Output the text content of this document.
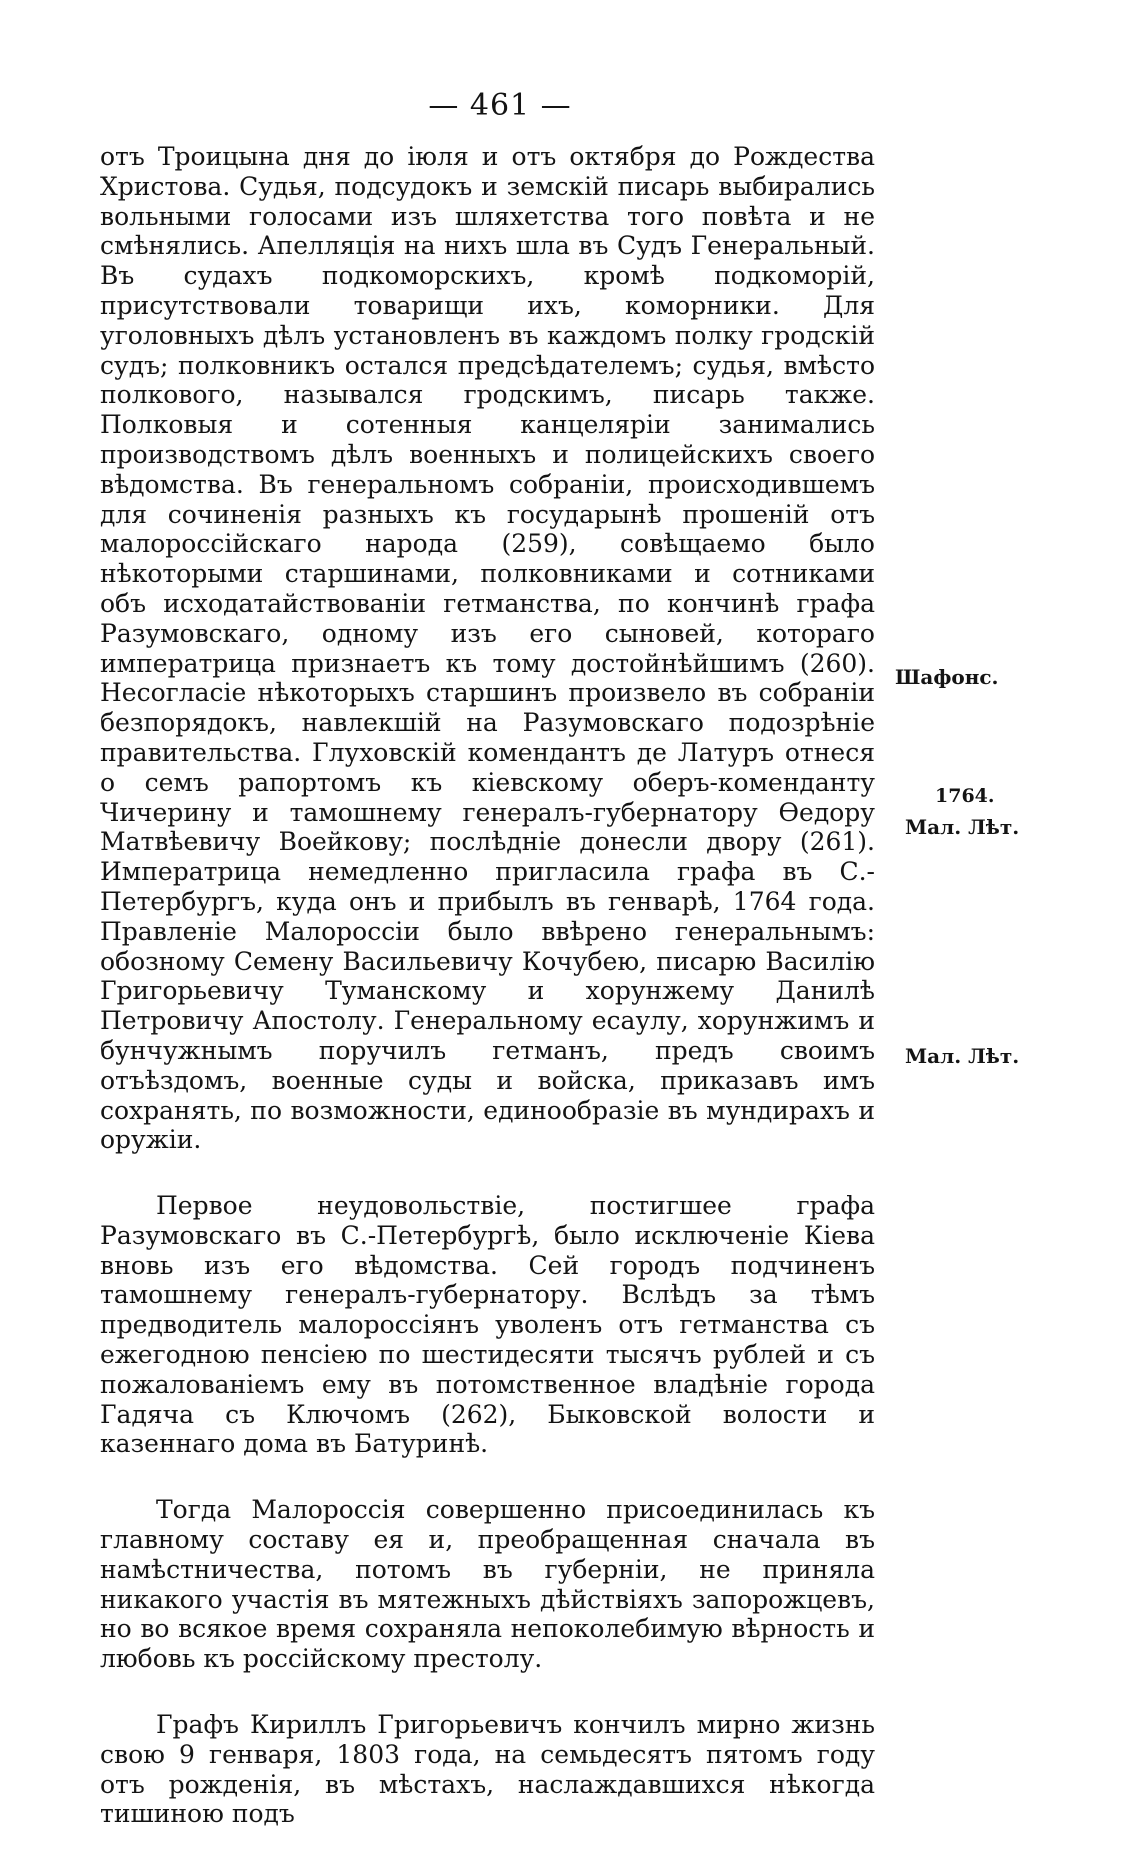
— 461 —

отъ Троицына дня до іюля и отъ октября до Рождества Христова. Судья, подсудокъ и земскій писарь выбирались вольными голосами изъ шляхетства того повѣта и не смѣнялись. Апелляція на нихъ шла въ Судъ Генеральный. Въ судахъ подкоморскихъ, кромѣ подкоморій, присутствовали товарищи ихъ, коморники. Для уголовныхъ дѣлъ установленъ въ каждомъ полку гродскій судъ; полковникъ остался предсѣдателемъ; судья, вмѣсто полкового, назывался гродскимъ, писарь также. Полковыя и сотенныя канцеляріи занимались производствомъ дѣлъ военныхъ и полицейскихъ своего вѣдомства. Въ генеральномъ собраніи, происходившемъ для сочиненія разныхъ къ государынѣ прошеній отъ малороссійскаго народа (259), совѣщаемо было нѣкоторыми старшинами, полковниками и сотниками объ исходатайствованіи гетманства, по кончинѣ графа Разумовскаго, одному изъ его сыновей, котораго императрица признаетъ къ тому достойнѣйшимъ (260). Несогласіе нѣкоторыхъ старшинъ произвело въ собраніи безпорядокъ, навлекшій на Разумовскаго подозрѣніе правительства. Глуховскій комендантъ де Латуръ отнеся о семъ рапортомъ къ кіевскому оберъ-коменданту Чичерину и тамошнему генералъ-губернатору Өедору Матвѣевичу Воейкову; послѣдніе донесли двору (261). Императрица немедленно пригласила графа въ С.-Петербургъ, куда онъ и прибылъ въ генварѣ, 1764 года. Правленіе Малороссіи было ввѣрено генеральнымъ: обозному Семену Васильевичу Кочубею, писарю Василію Григорьевичу Туманскому и хорунжему Данилѣ Петровичу Апостолу. Генеральному есаулу, хорунжимъ и бунчужнымъ поручилъ гетманъ, предъ своимъ отъѣздомъ, военные суды и войска, приказавъ имъ сохранять, по возможности, единообразіе въ мундирахъ и оружіи.

Первое неудовольствіе, постигшее графа Разумовскаго въ С.-Петербургѣ, было исключеніе Кіева вновь изъ его вѣдомства. Сей городъ подчиненъ тамошнему генералъ-губернатору. Вслѣдъ за тѣмъ предводитель малороссіянъ уволенъ отъ гетманства съ ежегодною пенсіею по шестидесяти тысячъ рублей и съ пожалованіемъ ему въ потомственное владѣніе города Гадяча съ Ключомъ (262), Быковской волости и казеннаго дома въ Батуринѣ.

Тогда Малороссія совершенно присоединилась къ главному составу ея и, преобращенная сначала въ намѣстничества, потомъ въ губерніи, не приняла никакого участія въ мятежныхъ дѣйствіяхъ запорожцевъ, но во всякое время сохраняла непоколебимую вѣрность и любовь къ россійскому престолу.

Графъ Кириллъ Григорьевичъ кончилъ мирно жизнь свою 9 генваря, 1803 года, на семьдесятъ пятомъ году отъ рожденія, въ мѣстахъ, наслаждавшихся нѣкогда тишиною подъ

Шафонс.
1764.
Мал. Лѣт.
Мал. Лѣт.
